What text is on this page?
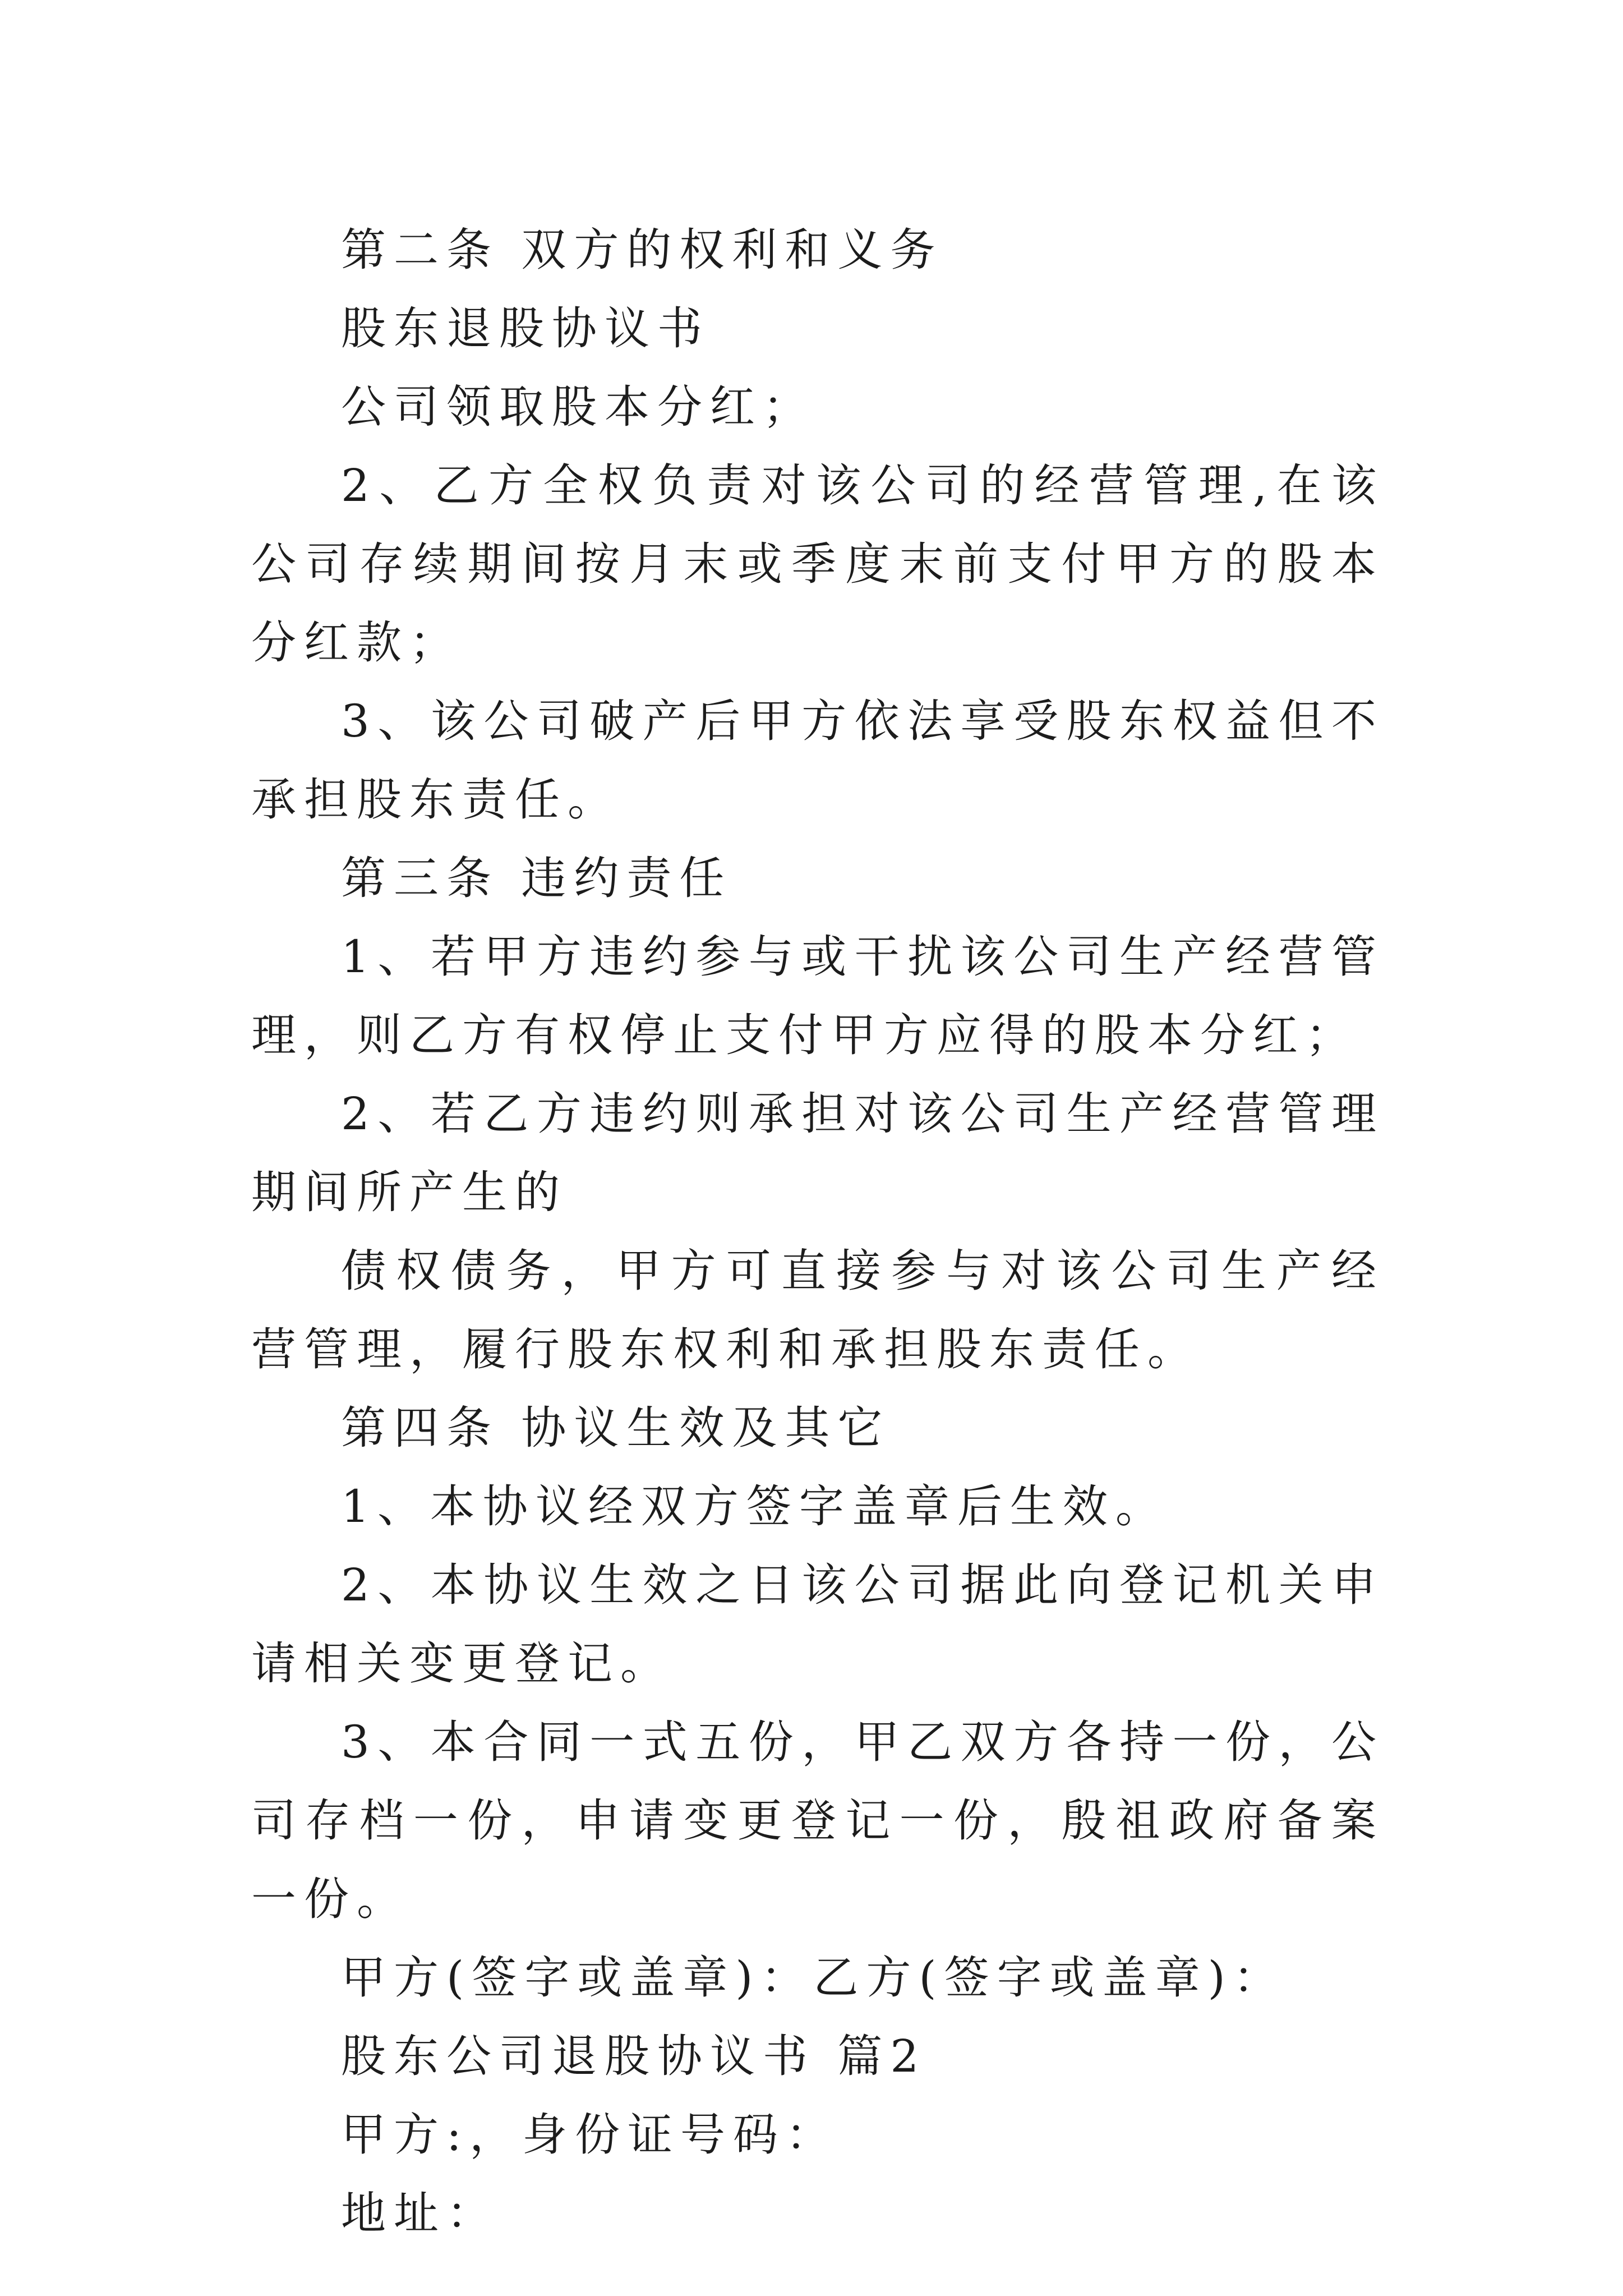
第二条 双方的权利和义务

股东退股协议书

公司领取股本分红；

2、乙方全权负责对该公司的经营管理,在该公司存续期间按月末或季度末前支付甲方的股本分红款；

3、该公司破产后甲方依法享受股东权益但不承担股东责任。

第三条 违约责任

1、若甲方违约参与或干扰该公司生产经营管理，则乙方有权停止支付甲方应得的股本分红；

2、若乙方违约则承担对该公司生产经营管理期间所产生的

债权债务，甲方可直接参与对该公司生产经营管理，履行股东权利和承担股东责任。

第四条 协议生效及其它

1、本协议经双方签字盖章后生效。

2、本协议生效之日该公司据此向登记机关申请相关变更登记。

3、本合同一式五份，甲乙双方各持一份，公司存档一份，申请变更登记一份，殷祖政府备案一份。

甲方(签字或盖章)：乙方(签字或盖章)：

股东公司退股协议书 篇2

甲方:，身份证号码：

地址：
